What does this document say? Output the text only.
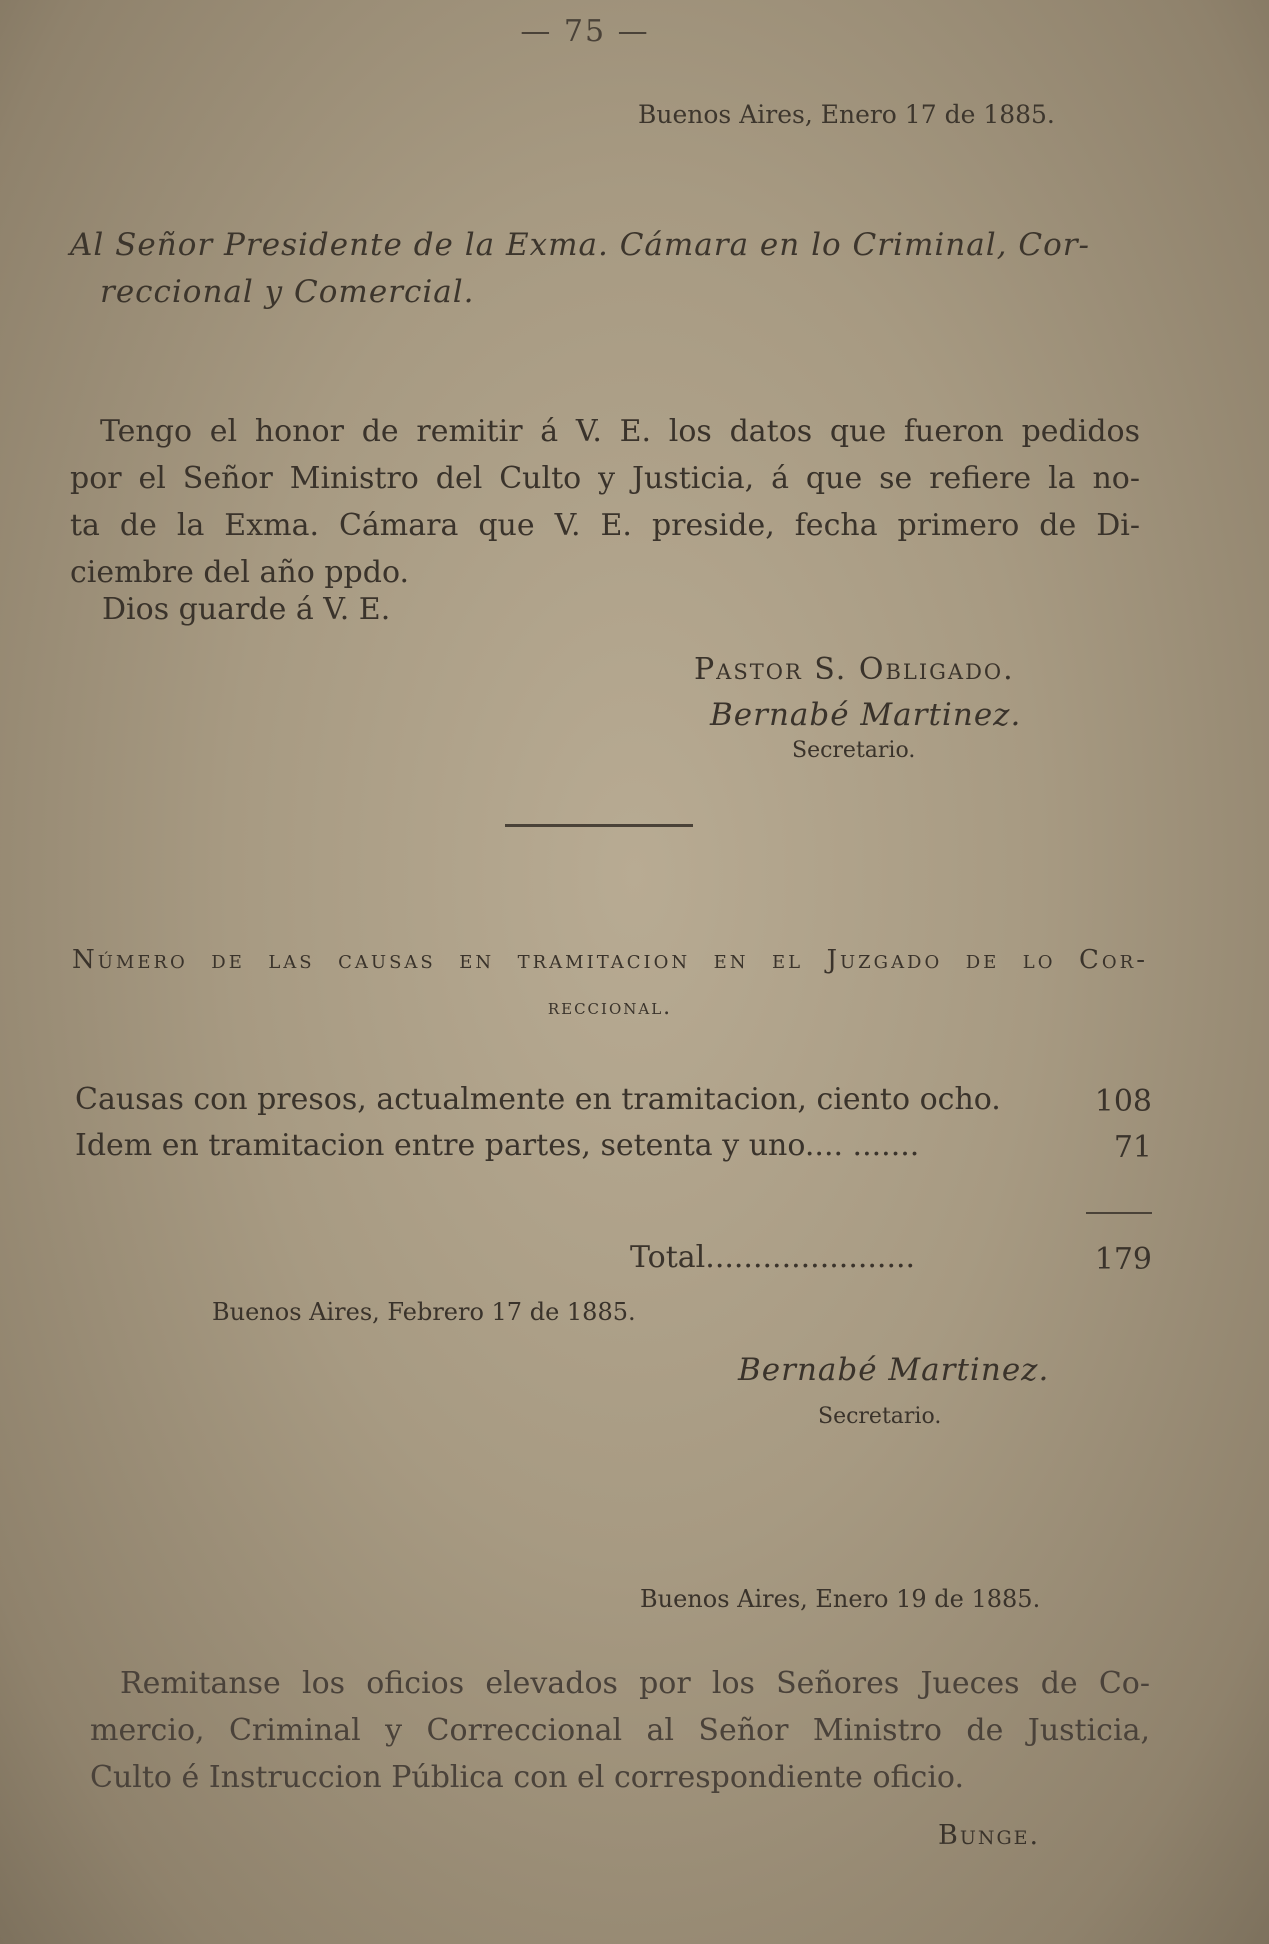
— 75 —
Buenos Aires, Enero 17 de 1885.
Al Señor Presidente de la Exma. Cámara en lo Criminal, Cor-
reccional y Comercial.
Tengo el honor de remitir á V. E. los datos que fueron pedidos
por el Señor Ministro del Culto y Justicia, á que se refiere la no-
ta de la Exma. Cámara que V. E. preside, fecha primero de Di-
ciembre del año ppdo.
Dios guarde á V. E.
Pastor S. Obligado.
Bernabé Martinez.
Secretario.
Número de las causas en tramitacion en el Juzgado de lo Cor-
reccional.
Causas con presos, actualmente en tramitacion, ciento ocho.	108
Idem en tramitacion entre partes, setenta y uno.... .......	71
Total......................	179
Buenos Aires, Febrero 17 de 1885.
Bernabé Martinez.
Secretario.
Buenos Aires, Enero 19 de 1885.
Remitanse los oficios elevados por los Señores Jueces de Co-
mercio, Criminal y Correccional al Señor Ministro de Justicia,
Culto é Instruccion Pública con el correspondiente oficio.
Bunge.
